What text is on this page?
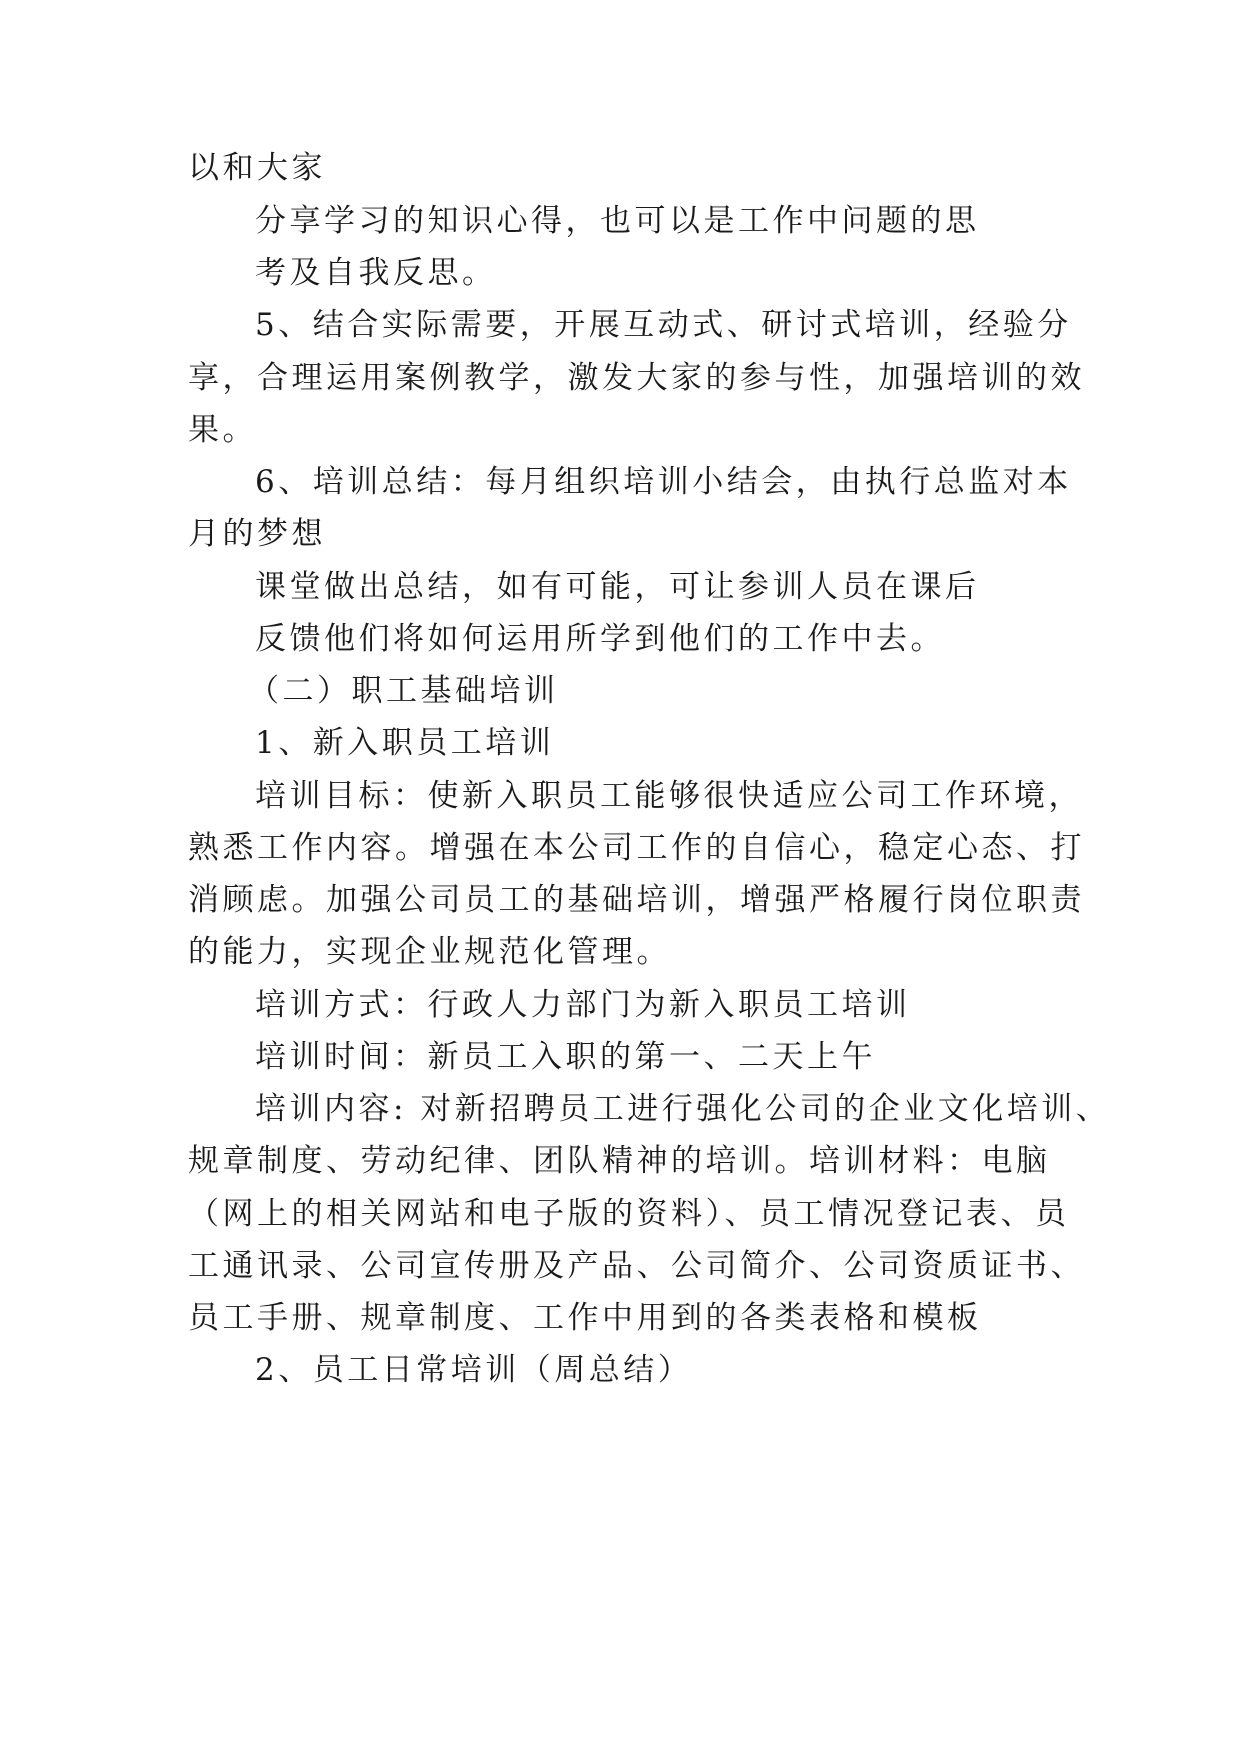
以和大家
分享学习的知识心得，也可以是工作中问题的思
考及自我反思。
5、结合实际需要，开展互动式、研讨式培训，经验分
享，合理运用案例教学，激发大家的参与性，加强培训的效
果。
6、培训总结：每月组织培训小结会，由执行总监对本
月的梦想
课堂做出总结，如有可能，可让参训人员在课后
反馈他们将如何运用所学到他们的工作中去。
（二）职工基础培训
1、新入职员工培训
培训目标：使新入职员工能够很快适应公司工作环境，
熟悉工作内容。增强在本公司工作的自信心，稳定心态、打
消顾虑。加强公司员工的基础培训，增强严格履行岗位职责
的能力，实现企业规范化管理。
培训方式：行政人力部门为新入职员工培训
培训时间：新员工入职的第一、二天上午
培训内容: 对新招聘员工进行强化公司的企业文化培训、
规章制度、劳动纪律、团队精神的培训。培训材料：电脑
（网上的相关网站和电子版的资料）、员工情况登记表、员
工通讯录、公司宣传册及产品、公司简介、公司资质证书、
员工手册、规章制度、工作中用到的各类表格和模板
2、员工日常培训（周总结）
